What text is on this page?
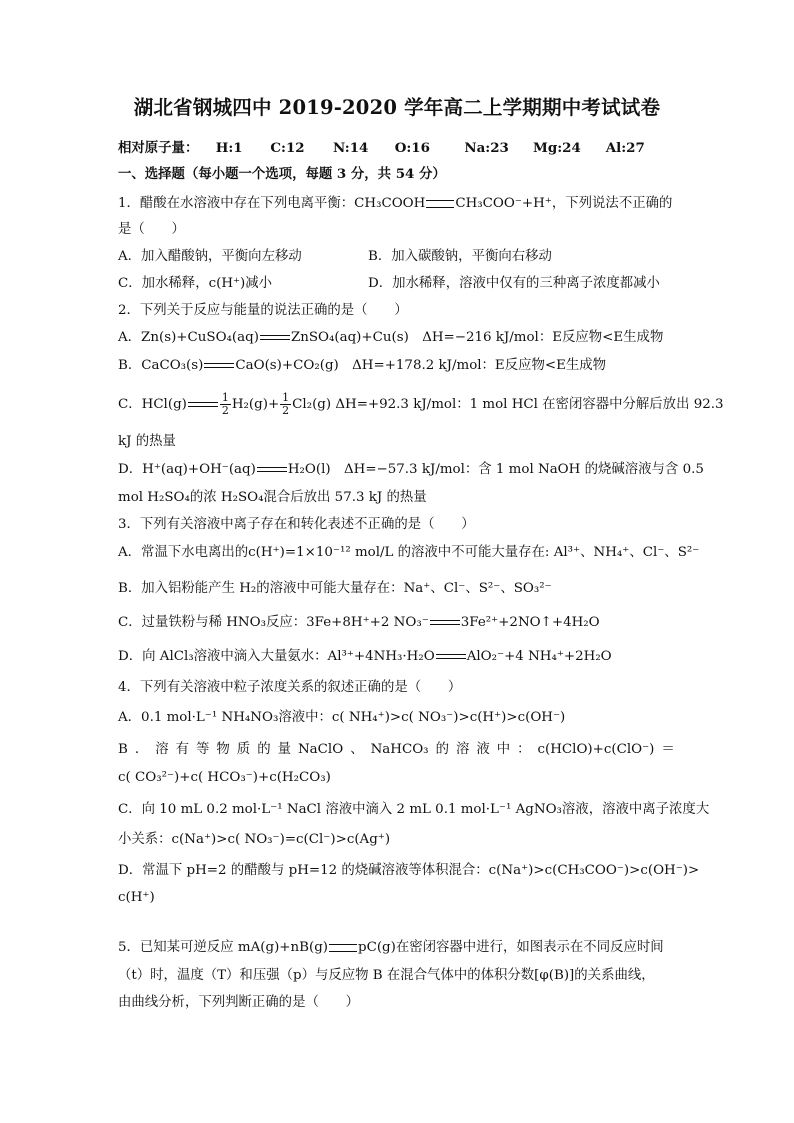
湖北省钢城四中 2019-2020 学年高二上学期期中考试试卷
相对原子量： H:1 C:12 N:14 O:16	Na:23 Mg:24 Al:27
一、选择题（每小题一个选项，每题 3 分，共 54 分）
1．醋酸在水溶液中存在下列电离平衡：CH₃COOH CH₃COO⁻+H⁺，下列说法不正确的
是（　　）
A．加入醋酸钠，平衡向左移动	B．加入碳酸钠，平衡向右移动
C．加水稀释，c(H⁺)减小	D．加水稀释，溶液中仅有的三种离子浓度都减小
2．下列关于反应与能量的说法正确的是（　　）
A．Zn(s)+CuSO₄(aq) ZnSO₄(aq)+Cu(s)　ΔH=−216 kJ/mol：E反应物<E生成物
B．CaCO₃(s) CaO(s)+CO₂(g)　ΔH=+178.2 kJ/mol：E反应物<E生成物
C．HCl(g)	$\frac{1}{2} H_2(g)+ \frac{1}{2} Cl_2(g)$ ΔH=+92.3 kJ/mol：1 mol HCl 在密闭容器中分解后放出 92.3
kJ 的热量
D．H⁺(aq)+OH⁻(aq) H₂O(l)　ΔH=−57.3 kJ/mol：含 1 mol NaOH 的烧碱溶液与含 0.5
mol H₂SO₄的浓 H₂SO₄混合后放出 57.3 kJ 的热量
3．下列有关溶液中离子存在和转化表述不正确的是（　　）
A．常温下水电离出的c(H⁺)=1×10⁻¹² mol/L 的溶液中不可能大量存在: Al³⁺、NH₄⁺、Cl⁻、S²⁻
B．加入铝粉能产生 H₂的溶液中可能大量存在：Na⁺、Cl⁻、S²⁻、SO₃²⁻
C．过量铁粉与稀 HNO₃反应：3Fe+8H⁺+2 NO₃⁻ 3Fe²⁺+2NO↑+4H₂O
D．向 AlCl₃溶液中滴入大量氨水：Al³⁺+4NH₃·H₂O AlO₂⁻+4 NH₄⁺+2H₂O
4．下列有关溶液中粒子浓度关系的叙述正确的是（　　）
A．0.1 mol·L⁻¹ NH₄NO₃溶液中：c( NH₄⁺)>c( NO₃⁻)>c(H⁺)>c(OH⁻)
B ． 溶 有 等 物 质 的 量 NaClO 、 NaHCO₃ 的 溶 液 中 ： c(HClO)+c(ClO⁻) ＝
c( CO₃²⁻)+c( HCO₃⁻)+c(H₂CO₃)
C．向 10 mL 0.2 mol·L⁻¹ NaCl 溶液中滴入 2 mL 0.1 mol·L⁻¹ AgNO₃溶液，溶液中离子浓度大
小关系：c(Na⁺)>c( NO₃⁻)=c(Cl⁻)>c(Ag⁺)
D．常温下 pH=2 的醋酸与 pH=12 的烧碱溶液等体积混合：c(Na⁺)>c(CH₃COO⁻)>c(OH⁻)>
c(H⁺)
5．已知某可逆反应 mA(g)+nB(g) pC(g)在密闭容器中进行，如图表示在不同反应时间
（t）时，温度（T）和压强（p）与反应物 B 在混合气体中的体积分数[φ(B)]的关系曲线，
由曲线分析，下列判断正确的是（　　）
